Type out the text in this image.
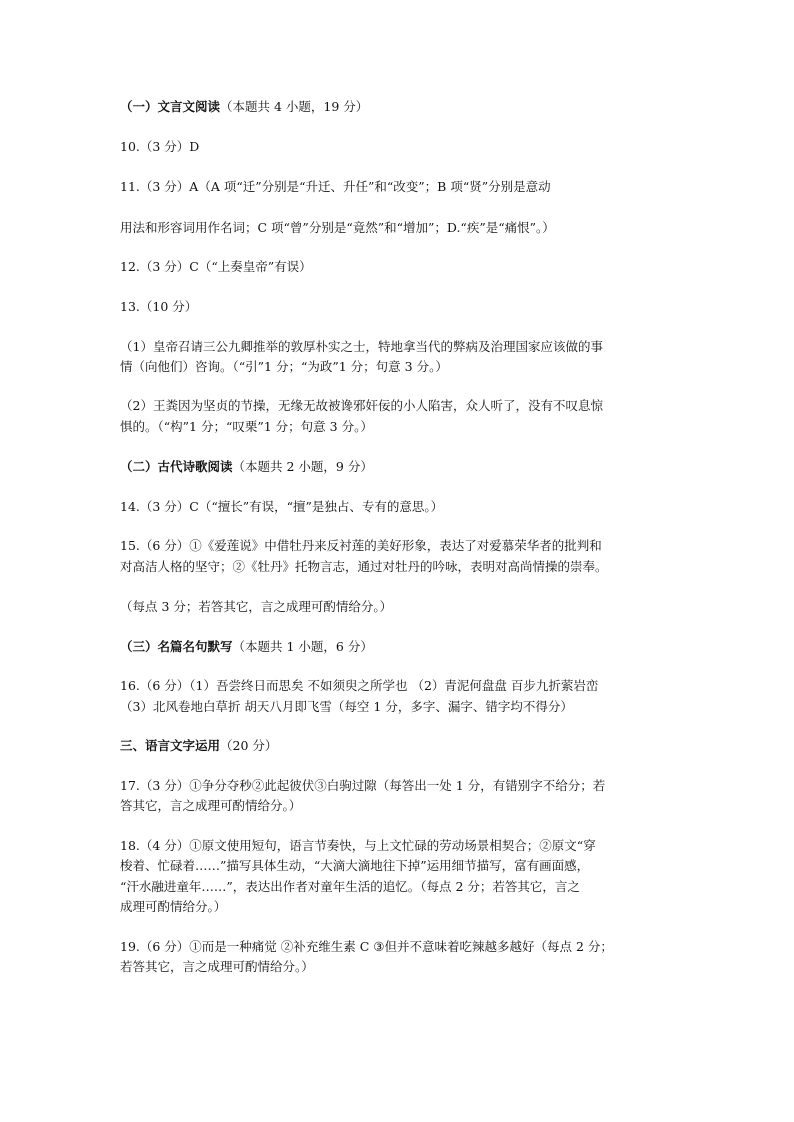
（一）文言文阅读（本题共 4 小题，19 分）
10.（3 分）D
11.（3 分）A（A 项“迁”分别是“升迁、升任”和“改变”；B 项“贤”分别是意动
用法和形容词用作名词；C 项“曾”分别是“竟然”和“增加”；D.“疾”是“痛恨”。）
12.（3 分）C（“上奏皇帝”有误）
13.（10 分）
（1）皇帝召请三公九卿推举的敦厚朴实之士，特地拿当代的弊病及治理国家应该做的事
情（向他们）咨询。（“引”1 分；“为政”1 分；句意 3 分。）
（2）王粪因为坚贞的节操，无缘无故被谗邪奸佞的小人陷害，众人听了，没有不叹息惊
惧的。（“构”1 分；“叹栗”1 分；句意 3 分。）
（二）古代诗歌阅读（本题共 2 小题，9 分）
14.（3 分）C（“擅长”有误，“擅”是独占、专有的意思。）
15.（6 分）①《爱莲说》中借牡丹来反衬莲的美好形象，表达了对爱慕荣华者的批判和
对高洁人格的坚守；②《牡丹》托物言志，通过对牡丹的吟咏，表明对高尚情操的崇奉。
（每点 3 分；若答其它，言之成理可酌情给分。）
（三）名篇名句默写（本题共 1 小题，6 分）
16.（6 分）（1）吾尝终日而思矣 不如须臾之所学也 （2）青泥何盘盘 百步九折萦岩峦
（3）北风卷地白草折 胡天八月即飞雪（每空 1 分，多字、漏字、错字均不得分）
三、语言文字运用（20 分）
17.（3 分）①争分夺秒②此起彼伏③白驹过隙（每答出一处 1 分，有错别字不给分；若
答其它，言之成理可酌情给分。）
18.（4 分）①原文使用短句，语言节奏快，与上文忙碌的劳动场景相契合；②原文“穿
梭着、忙碌着……”描写具体生动，“大滴大滴地往下掉”运用细节描写，富有画面感，
“汗水融进童年……”，表达出作者对童年生活的追忆。（每点 2 分；若答其它，言之
成理可酌情给分。）
19.（6 分）①而是一种痛觉 ②补充维生素 C ③但并不意味着吃辣越多越好（每点 2 分；
若答其它，言之成理可酌情给分。）
